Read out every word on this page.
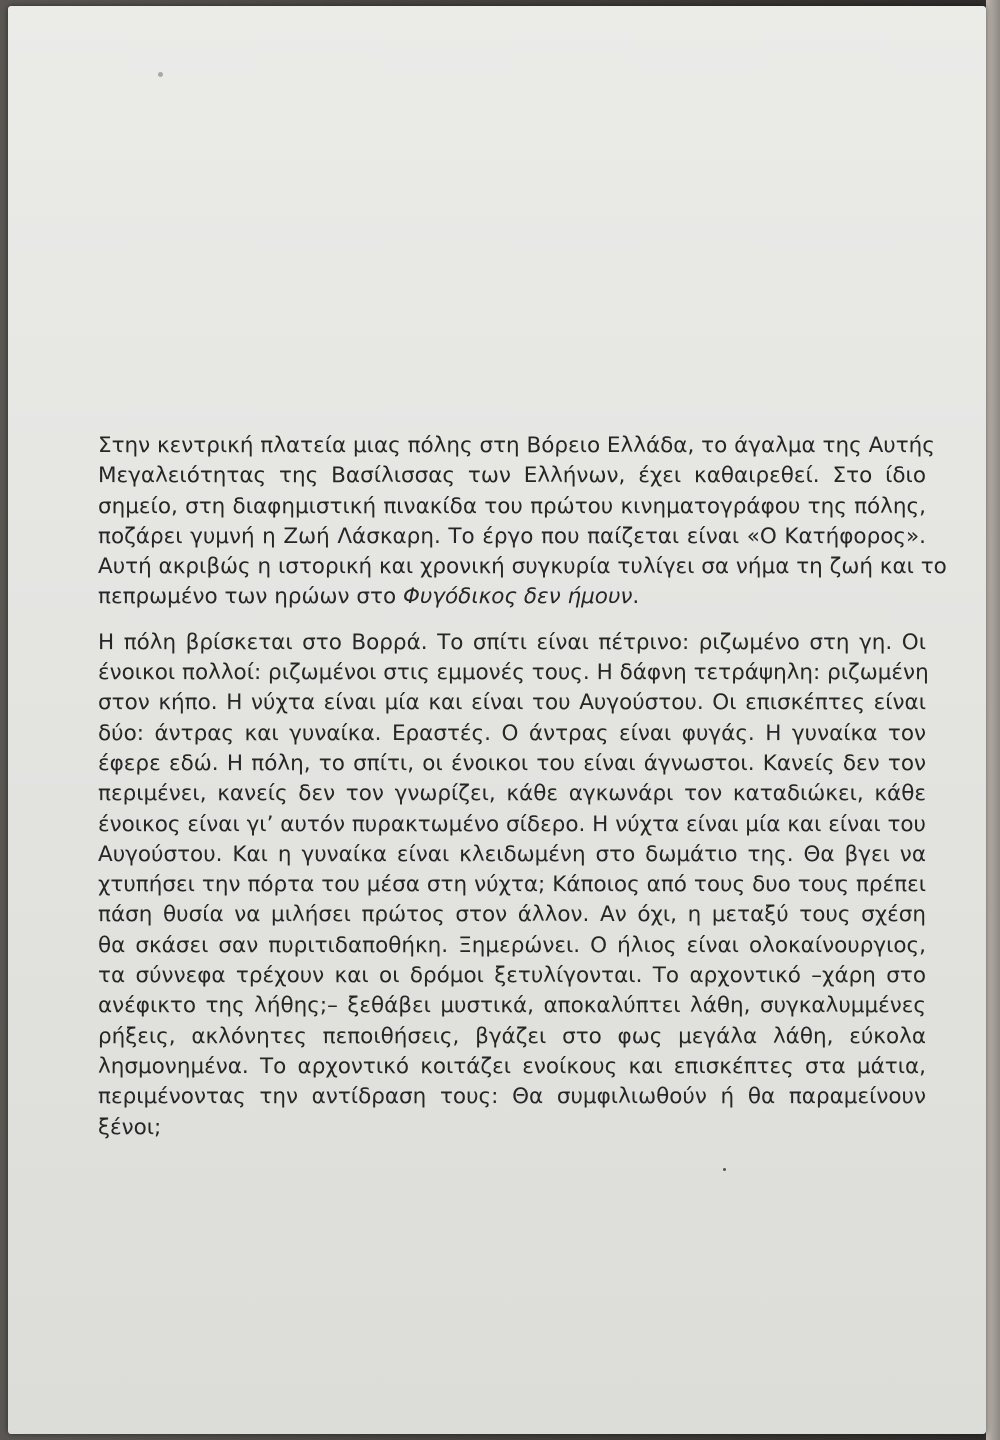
Στην κεντρική πλατεία μιας πόλης στη Βόρειο Ελλάδα, το άγαλμα της Αυτής
Μεγαλειότητας της Βασίλισσας των Ελλήνων, έχει καθαιρεθεί. Στο ίδιο
σημείο, στη διαφημιστική πινακίδα του πρώτου κινηματογράφου της πόλης,
ποζάρει γυμνή η Ζωή Λάσκαρη. Το έργο που παίζεται είναι «Ο Κατήφορος».
Αυτή ακριβώς η ιστορική και χρονική συγκυρία τυλίγει σα νήμα τη ζωή και το
πεπρωμένο των ηρώων στο Φυγόδικος δεν ήμουν.

Η πόλη βρίσκεται στο Βορρά. Το σπίτι είναι πέτρινο: ριζωμένο στη γη. Οι
ένοικοι πολλοί: ριζωμένοι στις εμμονές τους. Η δάφνη τετράψηλη: ριζωμένη
στον κήπο. Η νύχτα είναι μία και είναι του Αυγούστου. Οι επισκέπτες είναι
δύο: άντρας και γυναίκα. Εραστές. Ο άντρας είναι φυγάς. Η γυναίκα τον
έφερε εδώ. Η πόλη, το σπίτι, οι ένοικοι του είναι άγνωστοι. Κανείς δεν τον
περιμένει, κανείς δεν τον γνωρίζει, κάθε αγκωνάρι τον καταδιώκει, κάθε
ένοικος είναι γι’ αυτόν πυρακτωμένο σίδερο. Η νύχτα είναι μία και είναι του
Αυγούστου. Και η γυναίκα είναι κλειδωμένη στο δωμάτιο της. Θα βγει να
χτυπήσει την πόρτα του μέσα στη νύχτα; Κάποιος από τους δυο τους πρέπει
πάση θυσία να μιλήσει πρώτος στον άλλον. Αν όχι, η μεταξύ τους σχέση
θα σκάσει σαν πυριτιδαποθήκη. Ξημερώνει. Ο ήλιος είναι ολοκαίνουργιος,
τα σύννεφα τρέχουν και οι δρόμοι ξετυλίγονται. Το αρχοντικό –χάρη στο
ανέφικτο της λήθης;– ξεθάβει μυστικά, αποκαλύπτει λάθη, συγκαλυμμένες
ρήξεις, ακλόνητες πεποιθήσεις, βγάζει στο φως μεγάλα λάθη, εύκολα
λησμονημένα. Το αρχοντικό κοιτάζει ενοίκους και επισκέπτες στα μάτια,
περιμένοντας την αντίδραση τους: Θα συμφιλιωθούν ή θα παραμείνουν
ξένοι;
